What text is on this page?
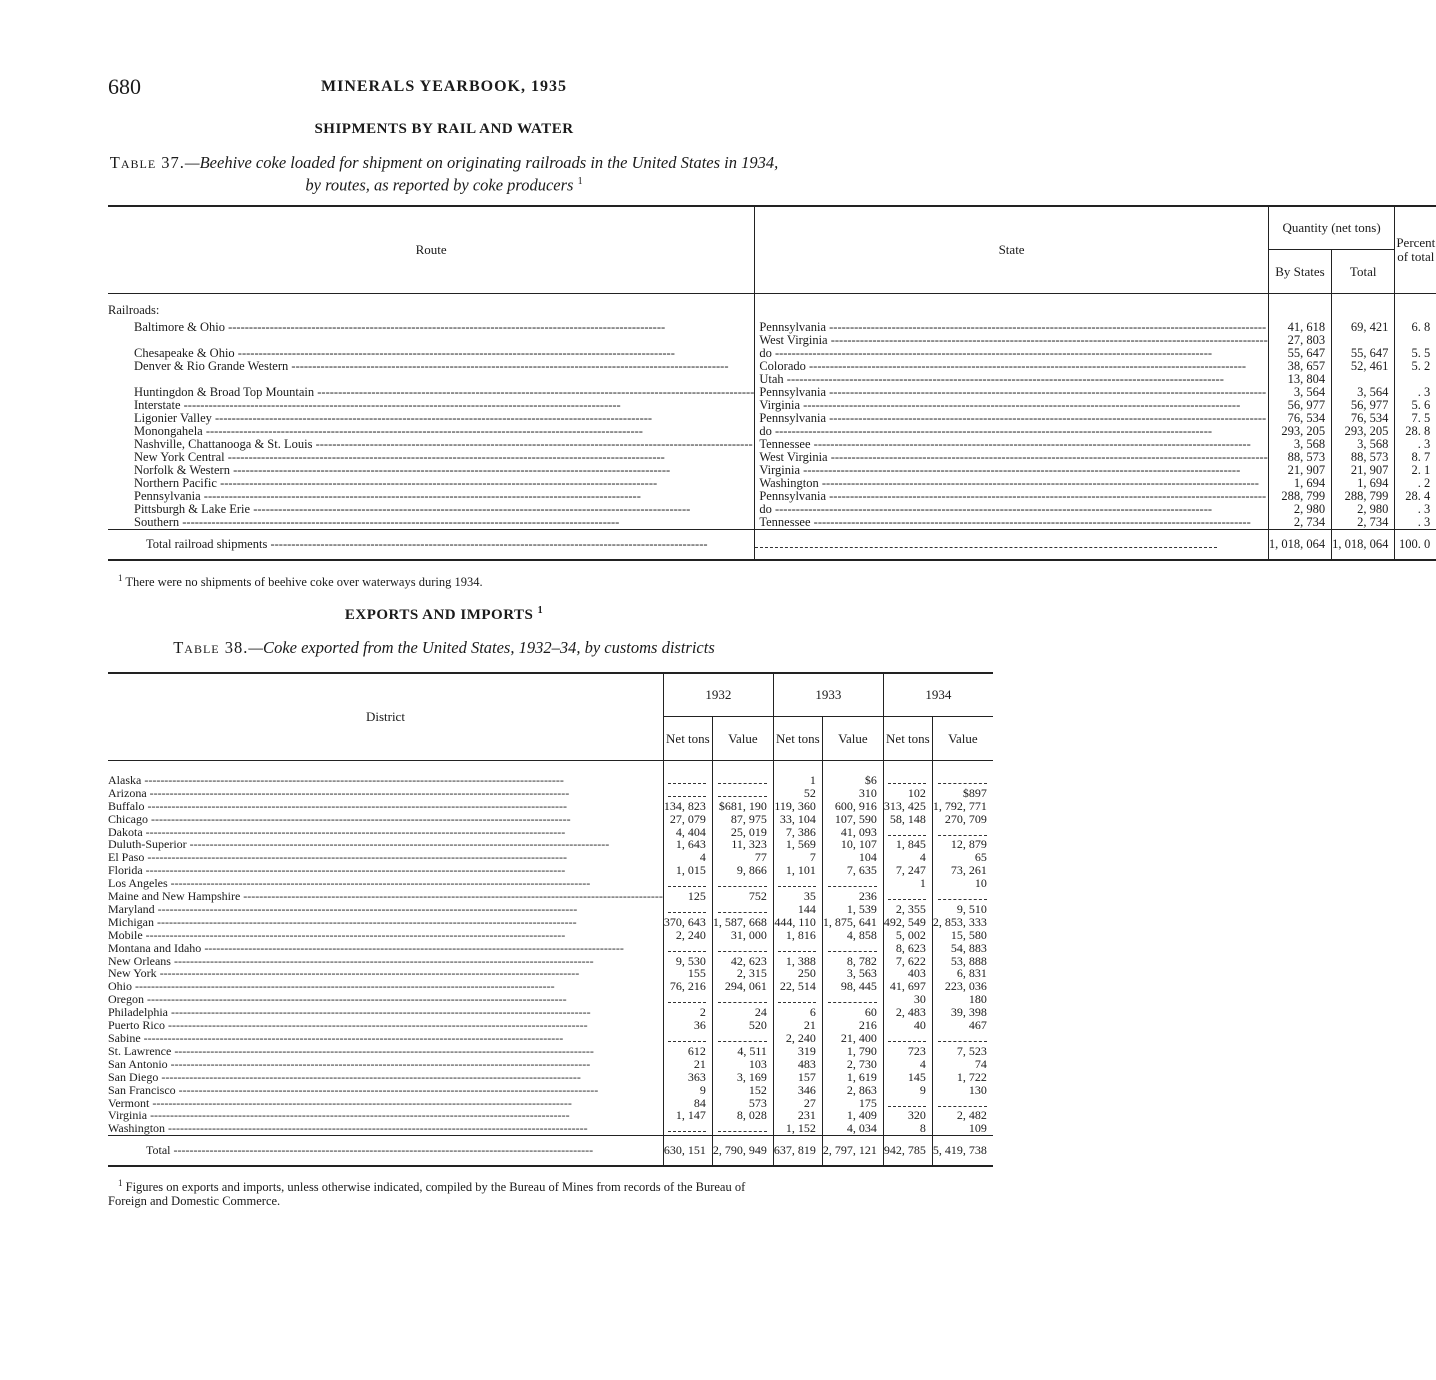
680	MINERALS YEARBOOK, 1935
SHIPMENTS BY RAIL AND WATER
Table 37.—Beehive coke loaded for shipment on originating railroads in the United States in 1934, by routes, as reported by coke producers $^1$
Route	State	Quantity (net tons)		Percent of total
		By States	Total	
Railroads:				

Baltimore & Ohio -----	Pennsylvania -----	41, 618	69, 421	6. 8

	West Virginia -----	27, 803		

Chesapeake & Ohio -----	do -----	55, 647	55, 647	5. 5

Denver & Rio Grande Western -----	Colorado -----	38, 657	52, 461	5. 2

	Utah -----	13, 804		

Huntingdon & Broad Top Mountain -----	Pennsylvania -----	3, 564	3, 564	. 3

Interstate -----	Virginia -----	56, 977	56, 977	5. 6

Ligonier Valley -----	Pennsylvania -----	76, 534	76, 534	7. 5

Monongahela -----	do -----	293, 205	293, 205	28. 8

Nashville, Chattanooga & St. Louis -----	Tennessee -----	3, 568	3, 568	. 3

New York Central -----	West Virginia -----	88, 573	88, 573	8. 7

Norfolk & Western -----	Virginia -----	21, 907	21, 907	2. 1

Northern Pacific -----	Washington -----	1, 694	1, 694	. 2

Pennsylvania -----	Pennsylvania -----	288, 799	288, 799	28. 4

Pittsburgh & Lake Erie -----	do -----	2, 980	2, 980	. 3

Southern -----	Tennessee -----	2, 734	2, 734	. 3

Total railroad shipments -----		1, 018, 064	1, 018, 064	100. 0
$^1$ There were no shipments of beehive coke over waterways during 1934.
EXPORTS AND IMPORTS $^1$
Table 38.—Coke exported from the United States, 1932–34, by customs districts
District	1932		1933		1934	
	Net tons	Value	Net tons	Value	Net tons	Value

Alaska -----			1	$6		

Arizona -----			52	310	102	$897

Buffalo -----	134, 823	$681, 190	119, 360	600, 916	313, 425	1, 792, 771

Chicago -----	27, 079	87, 975	33, 104	107, 590	58, 148	270, 709

Dakota -----	4, 404	25, 019	7, 386	41, 093		

Duluth-Superior -----	1, 643	11, 323	1, 569	10, 107	1, 845	12, 879

El Paso -----	4	77	7	104	4	65

Florida -----	1, 015	9, 866	1, 101	7, 635	7, 247	73, 261

Los Angeles -----					1	10

Maine and New Hampshire -----	125	752	35	236		

Maryland -----			144	1, 539	2, 355	9, 510

Michigan -----	370, 643	1, 587, 668	444, 110	1, 875, 641	492, 549	2, 853, 333

Mobile -----	2, 240	31, 000	1, 816	4, 858	5, 002	15, 580

Montana and Idaho -----					8, 623	54, 883

New Orleans -----	9, 530	42, 623	1, 388	8, 782	7, 622	53, 888

New York -----	155	2, 315	250	3, 563	403	6, 831

Ohio -----	76, 216	294, 061	22, 514	98, 445	41, 697	223, 036

Oregon -----					30	180

Philadelphia -----	2	24	6	60	2, 483	39, 398

Puerto Rico -----	36	520	21	216	40	467

Sabine -----			2, 240	21, 400		

St. Lawrence -----	612	4, 511	319	1, 790	723	7, 523

San Antonio -----	21	103	483	2, 730	4	74

San Diego -----	363	3, 169	157	1, 619	145	1, 722

San Francisco -----	9	152	346	2, 863	9	130

Vermont -----	84	573	27	175		

Virginia -----	1, 147	8, 028	231	1, 409	320	2, 482

Washington -----			1, 152	4, 034	8	109

Total -----	630, 151	2, 790, 949	637, 819	2, 797, 121	942, 785	5, 419, 738
$^1$ Figures on exports and imports, unless otherwise indicated, compiled by the Bureau of Mines from records of the Bureau of Foreign and Domestic Commerce.
